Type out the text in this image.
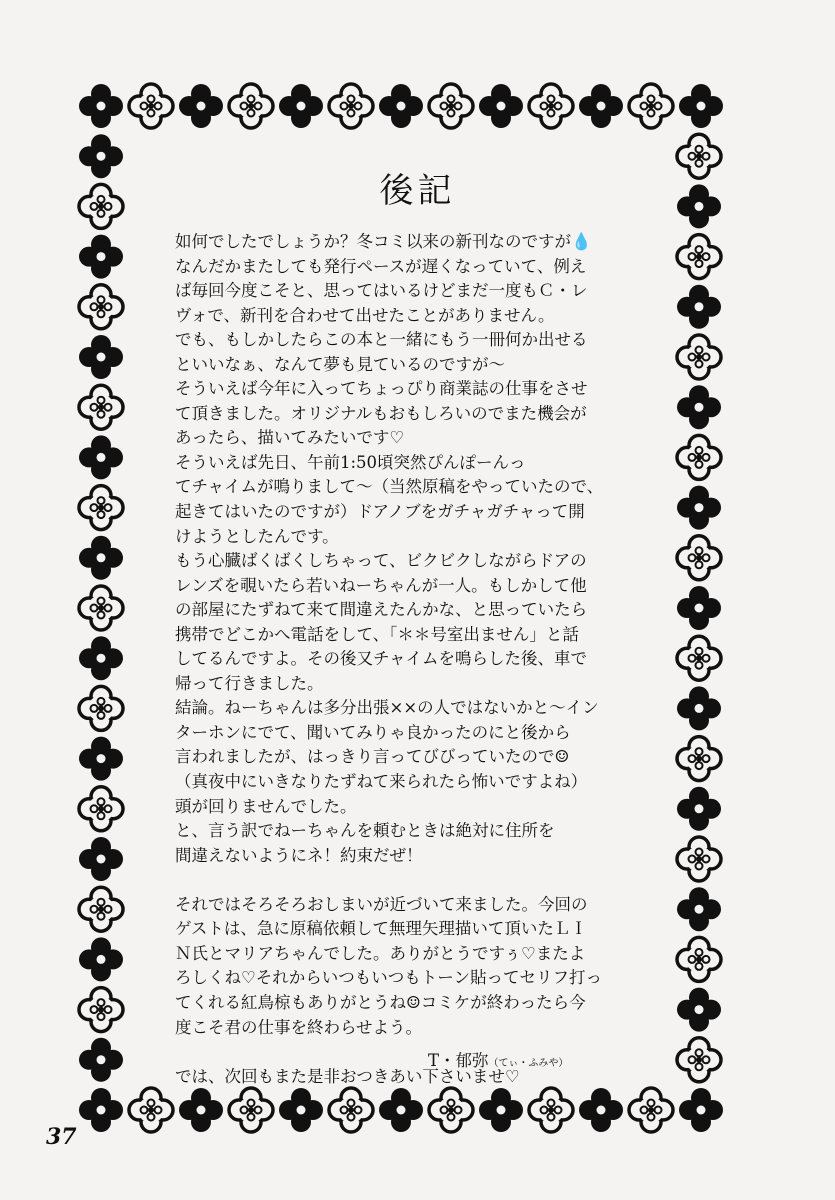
後記

如何でしたでしょうか？冬コミ以来の新刊なのですが💧

なんだかまたしても発行ペースが遅くなっていて、例え

ば毎回今度こそと、思ってはいるけどまだ一度もＣ・レ

ヴォで、新刊を合わせて出せたことがありません。

でも、もしかしたらこの本と一緒にもう一冊何か出せる

といいなぁ、なんて夢も見ているのですが〜

そういえば今年に入ってちょっぴり商業誌の仕事をさせ

て頂きました。オリジナルもおもしろいのでまた機会が

あったら、描いてみたいです♡

そういえば先日、午前1:50頃突然ぴんぽーんっ

てチャイムが鳴りまして〜（当然原稿をやっていたので、

起きてはいたのですが）ドアノブをガチャガチャって開

けようとしたんです。

もう心臓ばくばくしちゃって、ビクビクしながらドアの

レンズを覗いたら若いねーちゃんが一人。もしかして他

の部屋にたずねて来て間違えたんかな、と思っていたら

携帯でどこかへ電話をして、「＊＊号室出ません」と話

してるんですよ。その後又チャイムを鳴らした後、車で

帰って行きました。

結論。ねーちゃんは多分出張××の人ではないかと〜イン

ターホンにでて、聞いてみりゃ良かったのにと後から

言われましたが、はっきり言ってびびっていたので☺

（真夜中にいきなりたずねて来られたら怖いですよね）

頭が回りませんでした。

と、言う訳でねーちゃんを頼むときは絶対に住所を

間違えないようにネ！約束だぜ！

それではそろそろおしまいが近づいて来ました。今回の

ゲストは、急に原稿依頼して無理矢理描いて頂いたＬＩ

Ｎ氏とマリアちゃんでした。ありがとうですぅ♡またよ

ろしくね♡それからいつもいつもトーン貼ってセリフ打っ

てくれる紅鳥椋もありがとうね☺コミケが終わったら今

度こそ君の仕事を終わらせよう。

では、次回もまた是非おつきあい下さいませ♡

T・郁弥（てぃ・ふみや）
37
